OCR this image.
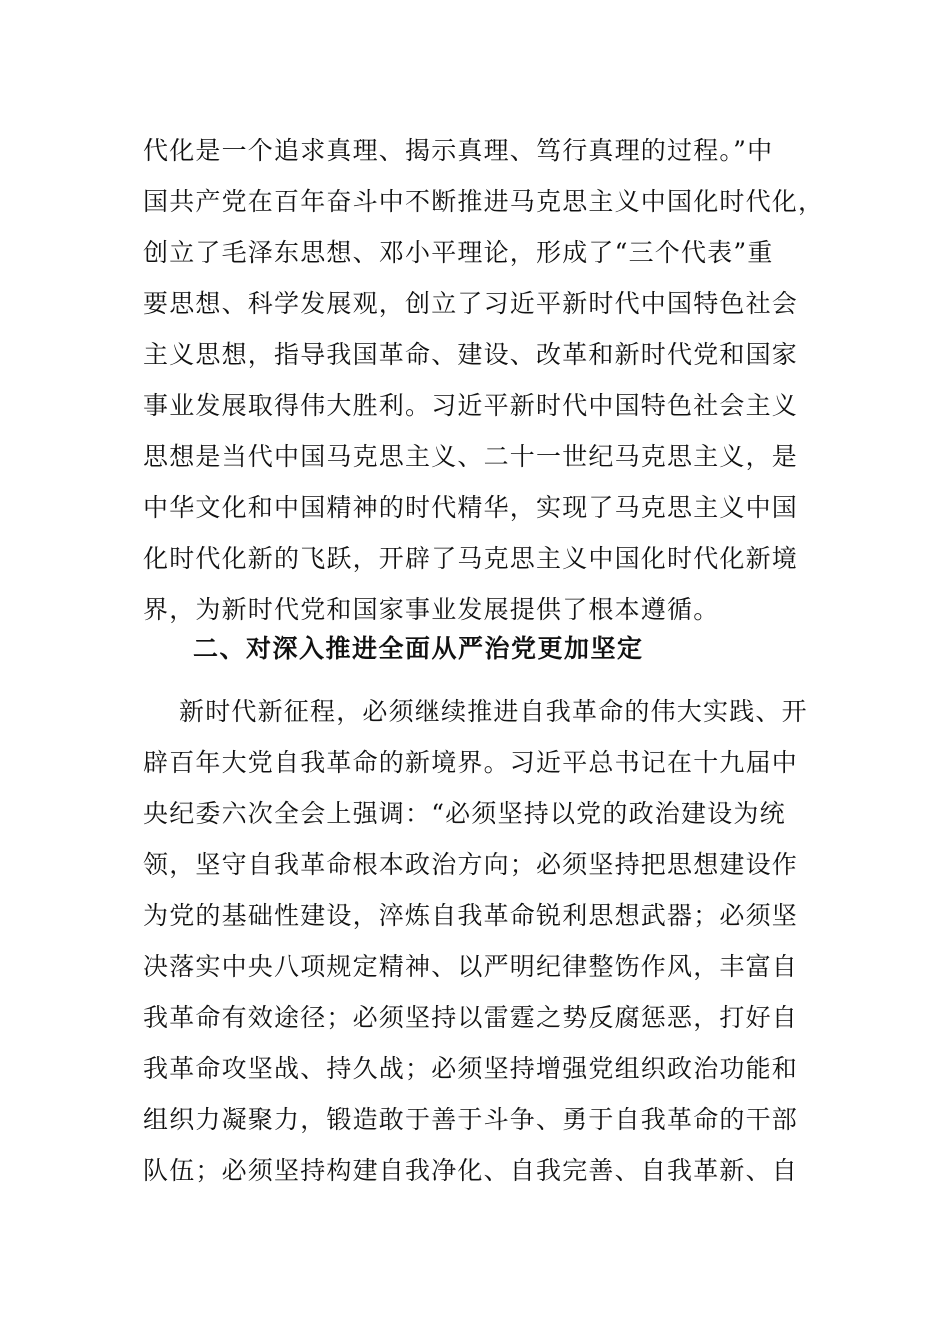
代化是一个追求真理、揭示真理、笃行真理的过程。”中
国共产党在百年奋斗中不断推进马克思主义中国化时代化，
创立了毛泽东思想、邓小平理论，形成了“三个代表”重
要思想、科学发展观，创立了习近平新时代中国特色社会
主义思想，指导我国革命、建设、改革和新时代党和国家
事业发展取得伟大胜利。习近平新时代中国特色社会主义
思想是当代中国马克思主义、二十一世纪马克思主义，是
中华文化和中国精神的时代精华，实现了马克思主义中国
化时代化新的飞跃，开辟了马克思主义中国化时代化新境
界，为新时代党和国家事业发展提供了根本遵循。
二、对深入推进全面从严治党更加坚定
新时代新征程，必须继续推进自我革命的伟大实践、开
辟百年大党自我革命的新境界。习近平总书记在十九届中
央纪委六次全会上强调：“必须坚持以党的政治建设为统
领，坚守自我革命根本政治方向；必须坚持把思想建设作
为党的基础性建设，淬炼自我革命锐利思想武器；必须坚
决落实中央八项规定精神、以严明纪律整饬作风，丰富自
我革命有效途径；必须坚持以雷霆之势反腐惩恶，打好自
我革命攻坚战、持久战；必须坚持增强党组织政治功能和
组织力凝聚力，锻造敢于善于斗争、勇于自我革命的干部
队伍；必须坚持构建自我净化、自我完善、自我革新、自
